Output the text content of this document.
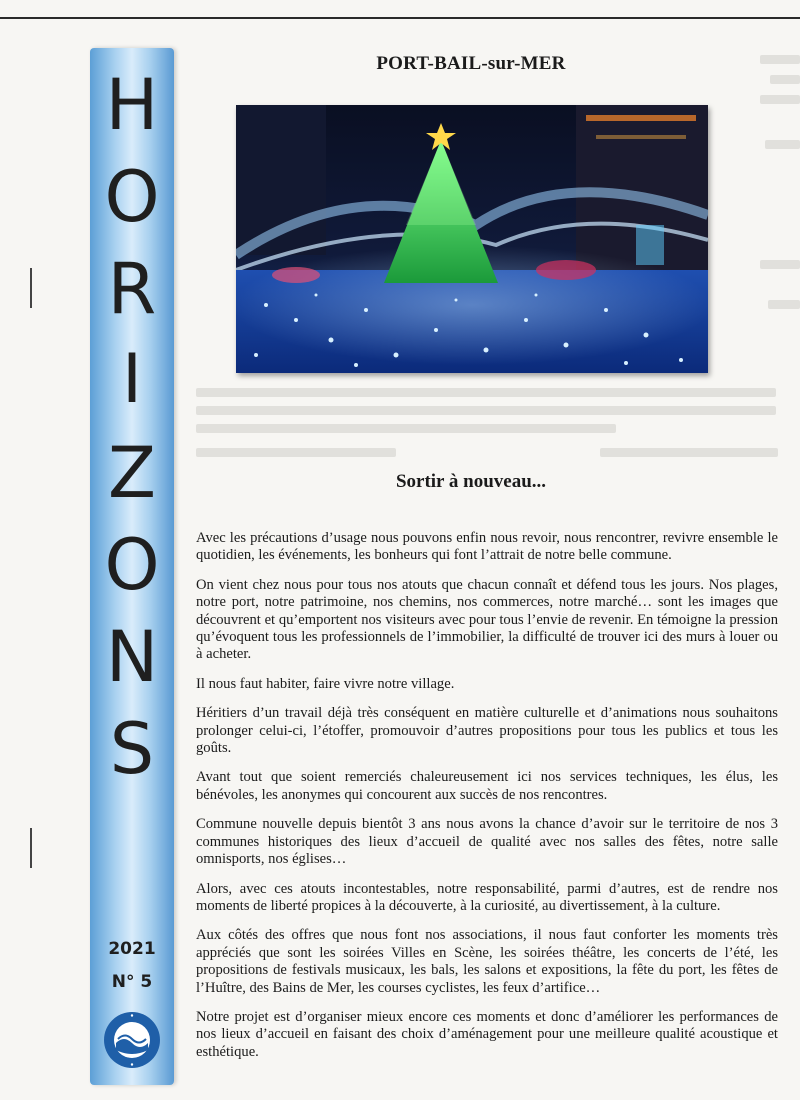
H
O
R
I
Z
O
N
S
2021
N° 5
PORT-BAIL-sur-MER
Sortir à nouveau...

Avec les précautions d’usage nous pouvons enfin nous revoir, nous rencontrer, revivre ensemble le quotidien, les événements, les bonheurs qui font l’attrait de notre belle commune.

On vient chez nous pour tous nos atouts que chacun connaît et défend tous les jours. Nos plages, notre port, notre patrimoine, nos chemins, nos commerces, notre marché… sont les images que découvrent et qu’emportent nos visiteurs avec pour tous l’envie de revenir. En témoigne la pression qu’évoquent tous les professionnels de l’immobilier, la difficulté de trouver ici des murs à louer ou à acheter.

Il nous faut habiter, faire vivre notre village.

Héritiers d’un travail déjà très conséquent en matière culturelle et d’animations nous souhaitons prolonger celui-ci, l’étoffer, promouvoir d’autres propositions pour tous les publics et tous les goûts.

Avant tout que soient remerciés chaleureusement ici nos services techniques, les élus, les bénévoles, les anonymes qui concourent aux succès de nos rencontres.

Commune nouvelle depuis bientôt 3 ans nous avons la chance d’avoir sur le territoire de nos 3 communes historiques des lieux d’accueil de qualité avec nos salles des fêtes, notre salle omnisports, nos églises…

Alors, avec ces atouts incontestables, notre responsabilité, parmi d’autres, est de rendre nos moments de liberté propices à la découverte, à la curiosité, au divertissement, à la culture.

Aux côtés des offres que nous font nos associations, il nous faut conforter les moments très appréciés que sont les soirées Villes en Scène, les soirées théâtre, les concerts de l’été, les propositions de festivals musicaux, les bals, les salons et expositions, la fête du port, les fêtes de l’Huître, des Bains de Mer, les courses cyclistes, les feux d’artifice…

Notre projet est d’organiser mieux encore ces moments et donc d’améliorer les performances de nos lieux d’accueil en faisant des choix d’aménagement pour une meilleure qualité acoustique et esthétique.
